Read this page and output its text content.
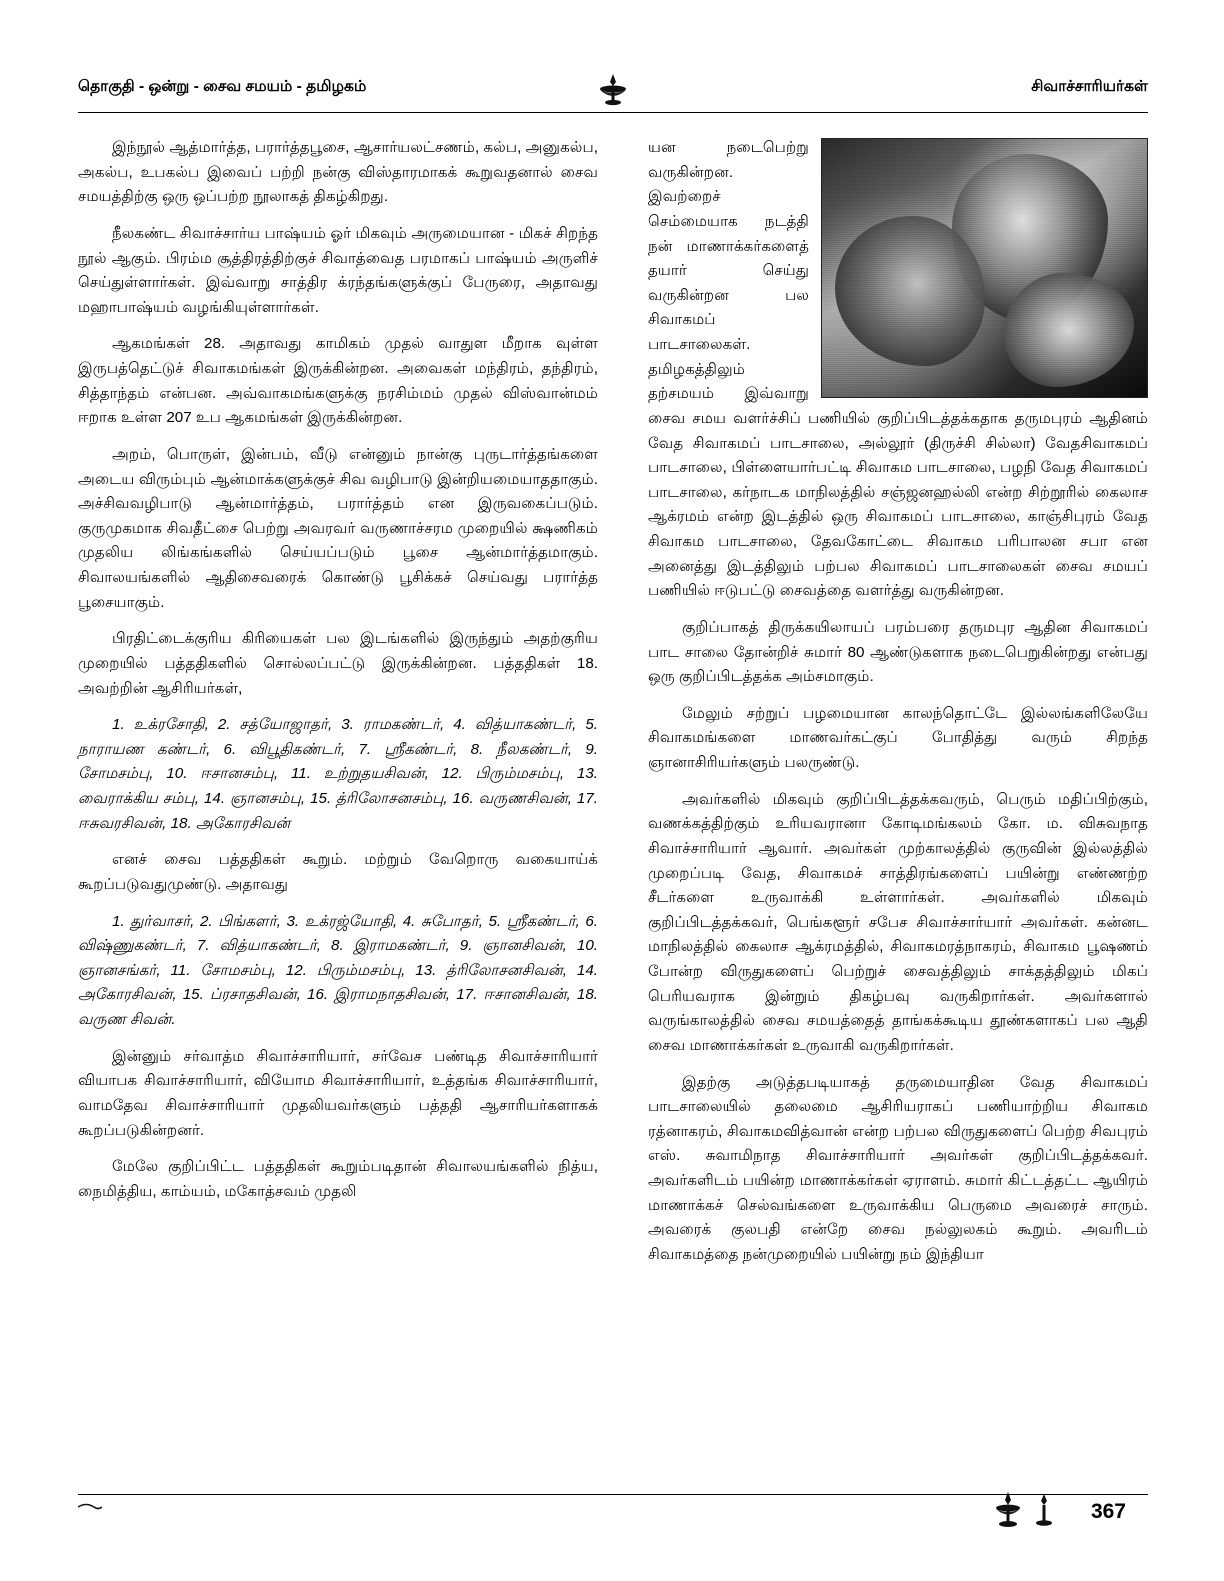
தொகுதி - ஒன்று - சைவ சமயம் - தமிழகம்	சிவாச்சாரியர்கள்

இந்நூல் ஆத்மார்த்த, பரார்த்தபூசை, ஆசார்யலட்சணம், கல்ப, அனுகல்ப, அகல்ப, உபகல்ப இவைப் பற்றி நன்கு விஸ்தாரமாகக் கூறுவதனால் சைவ சமயத்திற்கு ஒரு ஒப்பற்ற நூலாகத் திகழ்கிறது.

நீலகண்ட சிவாச்சார்ய பாஷ்யம் ஓர் மிகவும் அருமையான - மிகச் சிறந்த நூல் ஆகும். பிரம்ம சூத்திரத்திற்குச் சிவாத்வைத பரமாகப் பாஷ்யம் அருளிச் செய்துள்ளார்கள். இவ்வாறு சாத்திர க்ரந்தங்களுக்குப் பேருரை, அதாவது மஹாபாஷ்யம் வழங்கியுள்ளார்கள்.

ஆகமங்கள் 28. அதாவது காமிகம் முதல் வாதுள மீறாக வுள்ள இருபத்தெட்டுச் சிவாகமங்கள் இருக்கின்றன. அவைகள் மந்திரம், தந்திரம், சித்தாந்தம் என்பன. அவ்வாகமங்களுக்கு நரசிம்மம் முதல் விஸ்வான்மம் ஈறாக உள்ள 207 உப ஆகமங்கள் இருக்கின்றன.

அறம், பொருள், இன்பம், வீடு என்னும் நான்கு புருடார்த்தங்களை அடைய விரும்பும் ஆன்மாக்களுக்குச் சிவ வழிபாடு இன்றியமையாததாகும். அச்சிவவழிபாடு ஆன்மார்த்தம், பரார்த்தம் என இருவகைப்படும். குருமுகமாக சிவதீட்சை பெற்று அவரவர் வருணாச்சரம முறையில் க்ஷணிகம் முதலிய லிங்கங்களில் செய்யப்படும் பூசை ஆன்மார்த்தமாகும். சிவாலயங்களில் ஆதிசைவரைக் கொண்டு பூசிக்கச் செய்வது பரார்த்த பூசையாகும்.

பிரதிட்டைக்குரிய கிரியைகள் பல இடங்களில் இருந்தும் அதற்குரிய முறையில் பத்ததிகளில் சொல்லப்பட்டு இருக்கின்றன. பத்ததிகள் 18. அவற்றின் ஆசிரியர்கள்,

1. உக்ரசோதி, 2. சத்யோஜாதர், 3. ராமகண்டர், 4. வித்யாகண்டர், 5. நாராயண கண்டர், 6. விபூதிகண்டர், 7. ஸ்ரீகண்டர், 8. நீலகண்டர், 9. சோமசம்பு, 10. ஈசானசம்பு, 11. உற்றுதயசிவன், 12. பிரும்மசம்பு, 13. வைராக்கிய சம்பு, 14. ஞானசம்பு, 15. த்ரிலோசனசம்பு, 16. வருணசிவன், 17. ஈசுவரசிவன், 18. அகோரசிவன்

எனச் சைவ பத்ததிகள் கூறும். மற்றும் வேறொரு வகையாய்க் கூறப்படுவதுமுண்டு. அதாவது

1. துர்வாசர், 2. பிங்களர், 3. உக்ரஜ்யோதி, 4. சுபோதர், 5. ஸ்ரீகண்டர், 6. விஷ்ணுகண்டர், 7. வித்யாகண்டர், 8. இராமகண்டர், 9. ஞானசிவன், 10. ஞானசங்கர், 11. சோமசம்பு, 12. பிரும்மசம்பு, 13. த்ரிலோசனசிவன், 14. அகோரசிவன், 15. ப்ரசாதசிவன், 16. இராமநாதசிவன், 17. ஈசானசிவன், 18. வருண சிவன்.

இன்னும் சர்வாத்ம சிவாச்சாரியார், சர்வேச பண்டித சிவாச்சாரியார் வியாபக சிவாச்சாரியார், வியோம சிவாச்சாரியார், உத்தங்க சிவாச்சாரியார், வாமதேவ சிவாச்சாரியார் முதலியவர்களும் பத்ததி ஆசாரியர்களாகக் கூறப்படுகின்றனர்.

மேலே குறிப்பிட்ட பத்ததிகள் கூறும்படிதான் சிவாலயங்களில் நித்ய, நைமித்திய, காம்யம், மகோத்சவம் முதலி

யன நடைபெற்று வருகின்றன. இவற்றைச் செம்மையாக நடத்தி நன் மாணாக்கர்களைத் தயார் செய்து வருகின்றன பல சிவாகமப் பாடசாலைகள். தமிழகத்திலும் தற்சமயம் இவ்வாறு சைவ சமய வளர்ச்சிப் பணியில் குறிப்பிடத்தக்கதாக தருமபுரம் ஆதினம் வேத சிவாகமப் பாடசாலை, அல்லூர் (திருச்சி சில்லா) வேதசிவாகமப் பாடசாலை, பிள்ளையார்பட்டி சிவாகம பாடசாலை, பழநி வேத சிவாகமப் பாடசாலை, கர்நாடக மாநிலத்தில் சஞ்ஜனஹல்லி என்ற சிற்றூரில் கைலாச ஆக்ரமம் என்ற இடத்தில் ஒரு சிவாகமப் பாடசாலை, காஞ்சிபுரம் வேத சிவாகம பாடசாலை, தேவகோட்டை சிவாகம பரிபாலன சபா என அனைத்து இடத்திலும் பற்பல சிவாகமப் பாடசாலைகள் சைவ சமயப் பணியில் ஈடுபட்டு சைவத்தை வளர்த்து வருகின்றன.

குறிப்பாகத் திருக்கயிலாயப் பரம்பரை தருமபுர ஆதின சிவாகமப் பாட சாலை தோன்றிச் சுமார் 80 ஆண்டுகளாக நடைபெறுகின்றது என்பது ஒரு குறிப்பிடத்தக்க அம்சமாகும்.

மேலும் சற்றுப் பழமையான காலந்தொட்டே இல்லங்களிலேயே சிவாகமங்களை மாணவர்கட்குப் போதித்து வரும் சிறந்த ஞானாசிரியர்களும் பலருண்டு.

அவர்களில் மிகவும் குறிப்பிடத்தக்கவரும், பெரும் மதிப்பிற்கும், வணக்கத்திற்கும் உரியவரானா கோடிமங்கலம் கோ. ம. விசுவநாத சிவாச்சாரியார் ஆவார். அவர்கள் முற்காலத்தில் குருவின் இல்லத்தில் முறைப்படி வேத, சிவாகமச் சாத்திரங்களைப் பயின்று எண்ணற்ற சீடர்களை உருவாக்கி உள்ளார்கள். அவர்களில் மிகவும் குறிப்பிடத்தக்கவர், பெங்களூர் சபேச சிவாச்சார்யார் அவர்கள். கன்னட மாநிலத்தில் கைலாச ஆக்ரமத்தில், சிவாகமரத்நாகரம், சிவாகம பூஷணம் போன்ற விருதுகளைப் பெற்றுச் சைவத்திலும் சாக்தத்திலும் மிகப் பெரியவராக இன்றும் திகழ்பவு வருகிறார்கள். அவர்களால் வருங்காலத்தில் சைவ சமயத்தைத் தாங்கக்கூடிய தூண்களாகப் பல ஆதி சைவ மாணாக்கர்கள் உருவாகி வருகிறார்கள்.

இதற்கு அடுத்தபடியாகத் தருமையாதின வேத சிவாகமப் பாடசாலையில் தலைமை ஆசிரியராகப் பணியாற்றிய சிவாகம ரத்னாகரம், சிவாகமவித்வான் என்ற பற்பல விருதுகளைப் பெற்ற சிவபுரம் எஸ். சுவாமிநாத சிவாச்சாரியார் அவர்கள் குறிப்பிடத்தக்கவர். அவர்களிடம் பயின்ற மாணாக்கர்கள் ஏராளம். சுமார் கிட்டத்தட்ட ஆயிரம் மாணாக்கச் செல்வங்களை உருவாக்கிய பெருமை அவரைச் சாரும். அவரைக் குலபதி என்றே சைவ நல்லுலகம் கூறும். அவரிடம் சிவாகமத்தை நன்முறையில் பயின்று நம் இந்தியா

367
